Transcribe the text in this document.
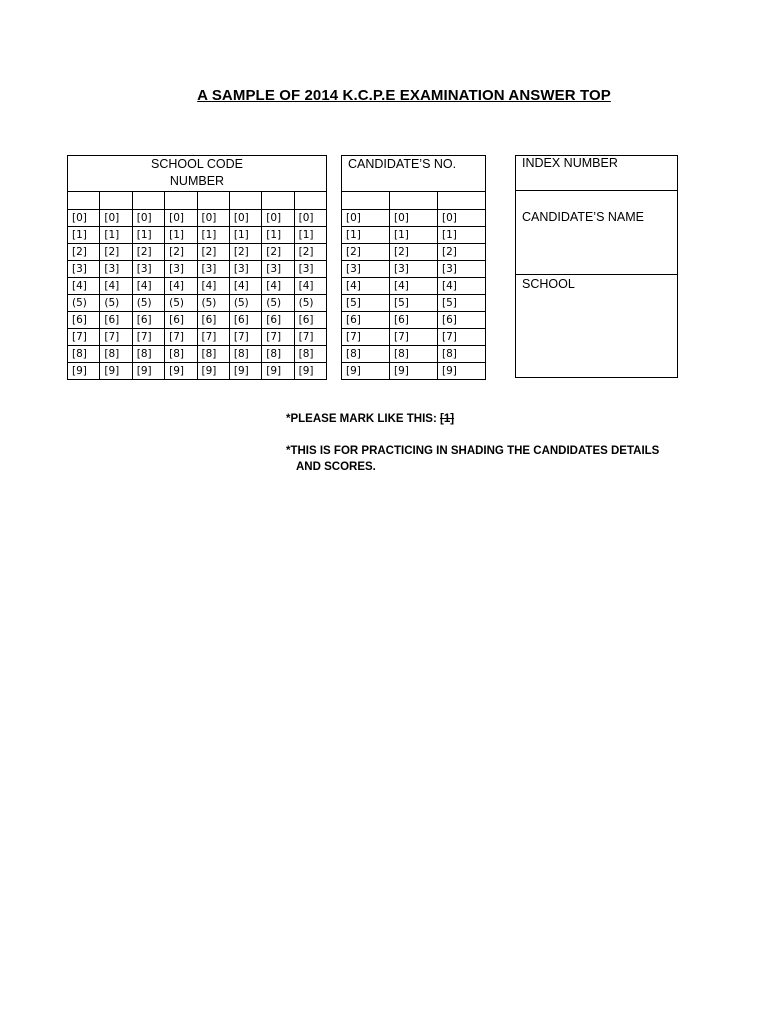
A SAMPLE OF 2014 K.C.P.E EXAMINATION ANSWER TOP
SCHOOL CODE
NUMBER							

[0]	[0]	[0]	[0]	[0]	[0]	[0]	[0]
[1]	[1]	[1]	[1]	[1]	[1]	[1]	[1]
[2]	[2]	[2]	[2]	[2]	[2]	[2]	[2]
[3]	[3]	[3]	[3]	[3]	[3]	[3]	[3]
[4]	[4]	[4]	[4]	[4]	[4]	[4]	[4]
(5)	(5)	(5)	(5)	(5)	(5)	(5)	(5)
[6]	[6]	[6]	[6]	[6]	[6]	[6]	[6]
[7]	[7]	[7]	[7]	[7]	[7]	[7]	[7]
[8]	[8]	[8]	[8]	[8]	[8]	[8]	[8]
[9]	[9]	[9]	[9]	[9]	[9]	[9]	[9]
CANDIDATE’S NO.		

[0]	[0]	[0]
[1]	[1]	[1]
[2]	[2]	[2]
[3]	[3]	[3]
[4]	[4]	[4]
[5]	[5]	[5]
[6]	[6]	[6]
[7]	[7]	[7]
[8]	[8]	[8]
[9]	[9]	[9]
INDEX NUMBER
CANDIDATE’S NAME
SCHOOL
*PLEASE MARK LIKE THIS: [1]
*THIS IS FOR PRACTICING IN SHADING THE CANDIDATES DETAILS
AND SCORES.
